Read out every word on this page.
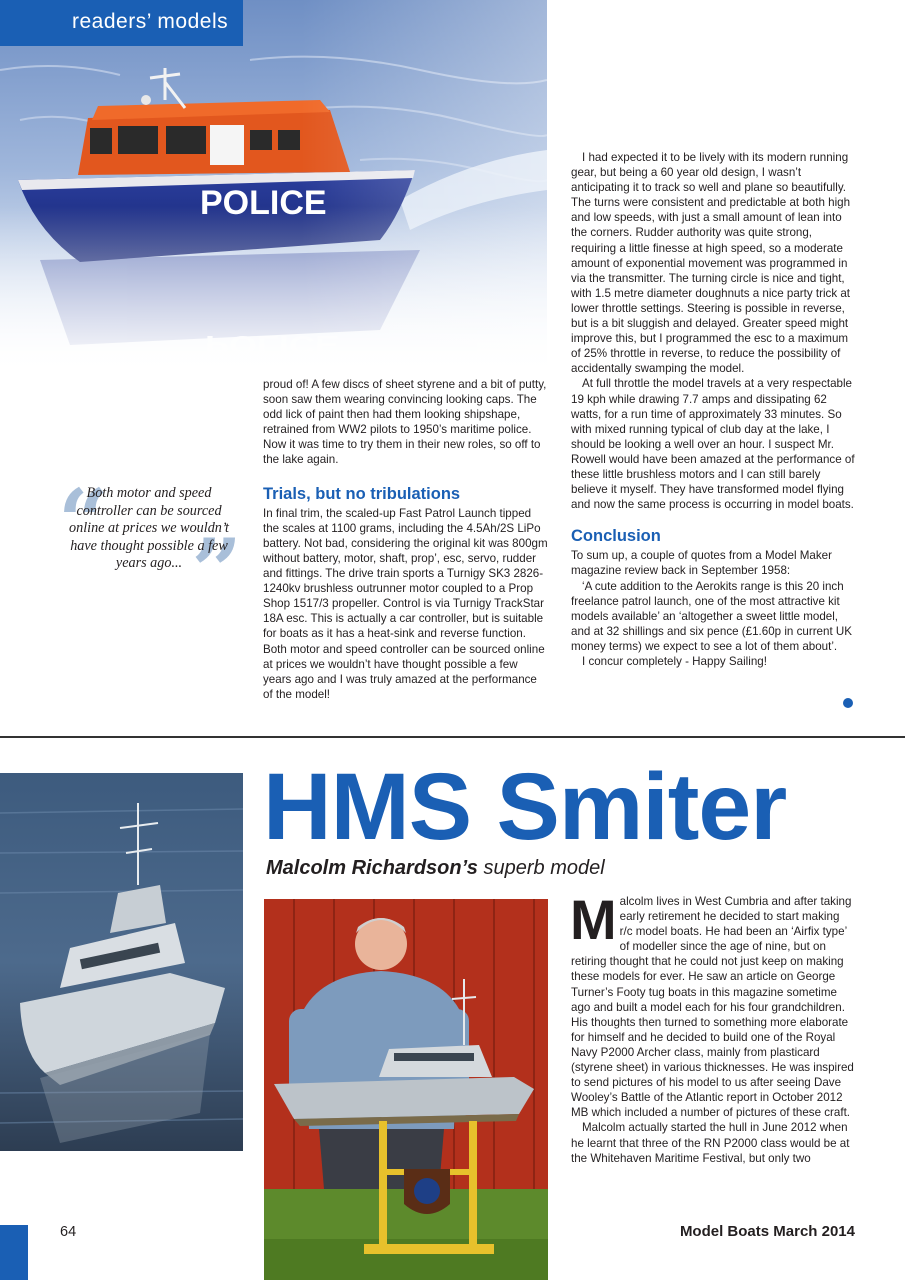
readers’ models

proud of! A few discs of sheet styrene and a bit of putty, soon saw them wearing convincing looking caps. The odd lick of paint then had them looking shipshape, retrained from WW2 pilots to 1950’s maritime police. Now it was time to try them in their new roles, so off to the lake again.

Trials, but no tribulations

In final trim, the scaled-up Fast Patrol Launch tipped the scales at 1100 grams, including the 4.5Ah/2S LiPo battery. Not bad, considering the original kit was 800gm without battery, motor, shaft, prop’, esc, servo, rudder and fittings. The drive train sports a Turnigy SK3 2826-1240kv brushless outrunner motor coupled to a Prop Shop 1517/3 propeller. Control is via Turnigy TrackStar 18A esc. This is actually a car controller, but is suitable for boats as it has a heat-sink and reverse function. Both motor and speed controller can be sourced online at prices we wouldn’t have thought possible a few years ago and I was truly amazed at the performance of the model!

“ ”

Both motor and speed controller can be sourced online at prices we wouldn’t have thought possible a few years ago...

I had expected it to be lively with its modern running gear, but being a 60 year old design, I wasn’t anticipating it to track so well and plane so beautifully. The turns were consistent and predictable at both high and low speeds, with just a small amount of lean into the corners. Rudder authority was quite strong, requiring a little finesse at high speed, so a moderate amount of exponential movement was programmed in via the transmitter. The turning circle is nice and tight, with 1.5 metre diameter doughnuts a nice party trick at lower throttle settings. Steering is possible in reverse, but is a bit sluggish and delayed. Greater speed might improve this, but I programmed the esc to a maximum of 25% throttle in reverse, to reduce the possibility of accidentally swamping the model.

At full throttle the model travels at a very respectable 19 kph while drawing 7.7 amps and dissipating 62 watts, for a run time of approximately 33 minutes. So with mixed running typical of club day at the lake, I should be looking a well over an hour. I suspect Mr. Rowell would have been amazed at the performance of these little brushless motors and I can still barely believe it myself. They have transformed model flying and now the same process is occurring in model boats.

Conclusion

To sum up, a couple of quotes from a Model Maker magazine review back in September 1958:

‘A cute addition to the Aerokits range is this 20 inch freelance patrol launch, one of the most attractive kit models available’ an ‘altogether a sweet little model, and at 32 shillings and six pence (£1.60p in current UK money terms) we expect to see a lot of them about’.

I concur completely - Happy Sailing!

HMS Smiter
Malcolm Richardson’s superb model

Malcolm lives in West Cumbria and after taking early retirement he decided to start making r/c model boats. He had been an ‘Airfix type’ of modeller since the age of nine, but on retiring thought that he could not just keep on making these models for ever. He saw an article on George Turner’s Footy tug boats in this magazine sometime ago and built a model each for his four grandchildren. His thoughts then turned to something more elaborate for himself and he decided to build one of the Royal Navy P2000 Archer class, mainly from plasticard (styrene sheet) in various thicknesses. He was inspired to send pictures of his model to us after seeing Dave Wooley’s Battle of the Atlantic report in October 2012 MB which included a number of pictures of these craft.

Malcolm actually started the hull in June 2012 when he learnt that three of the RN P2000 class would be at the Whitehaven Maritime Festival, but only two

64	Model Boats March 2014
